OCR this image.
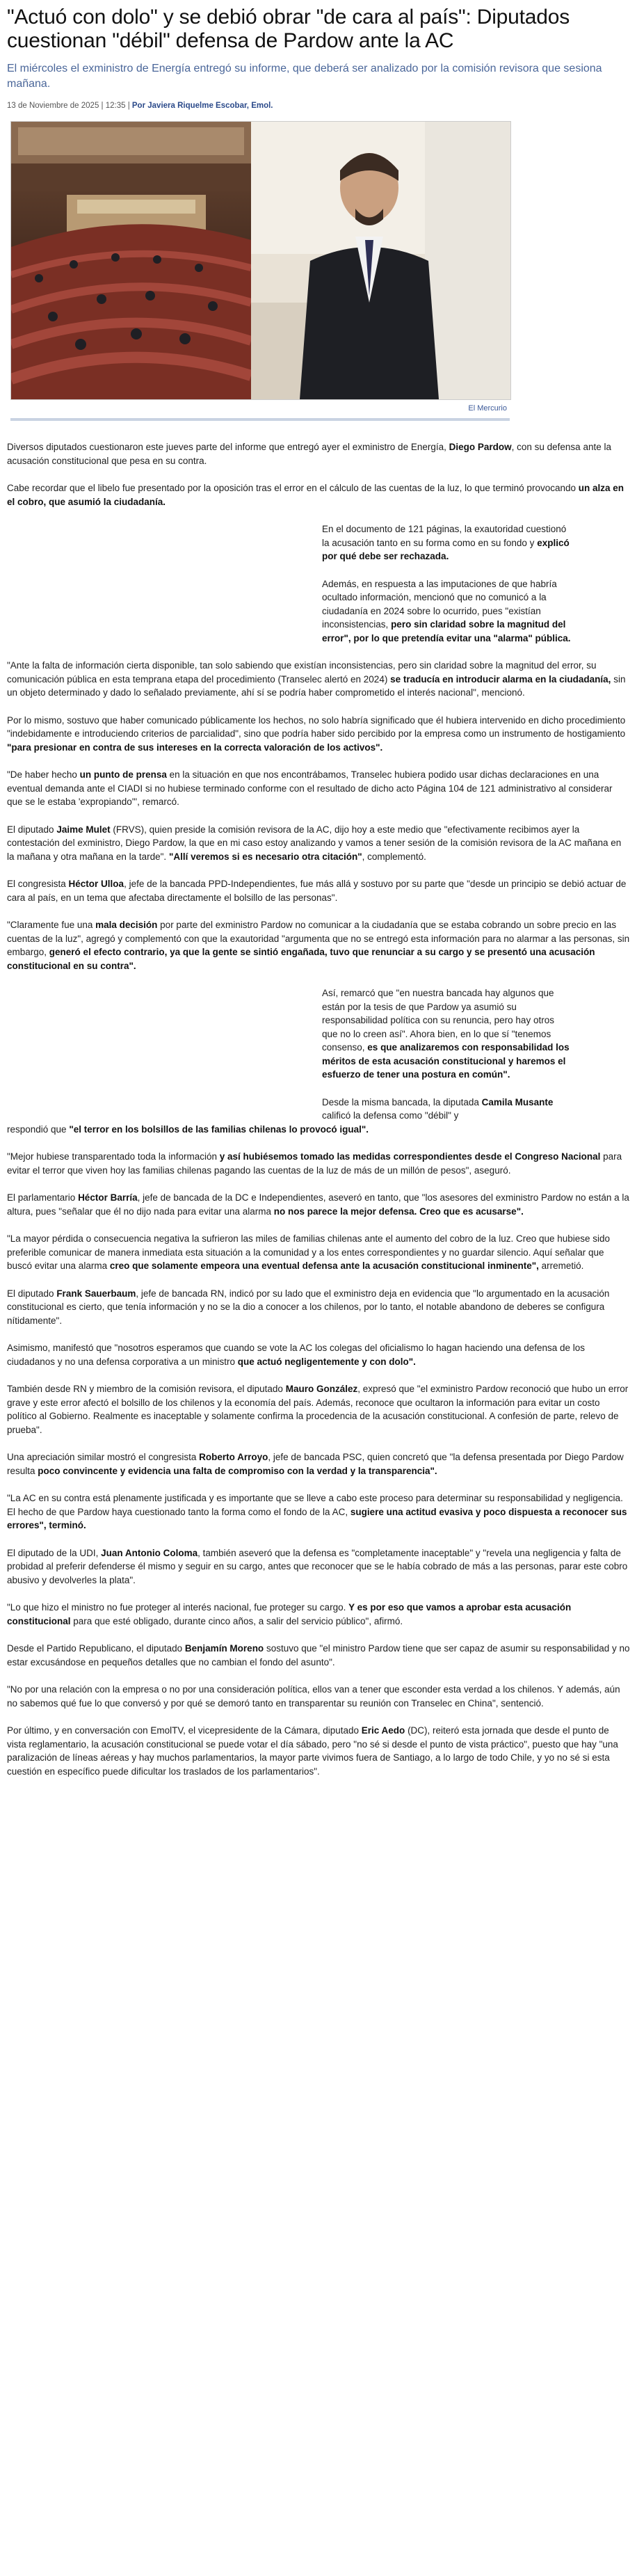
"Actuó con dolo" y se debió obrar "de cara al país": Diputados cuestionan "débil" defensa de Pardow ante la AC

El miércoles el exministro de Energía entregó su informe, que deberá ser analizado por la comisión revisora que sesiona mañana.

13 de Noviembre de 2025 | 12:35 | Por Javiera Riquelme Escobar, Emol.
El Mercurio

Diversos diputados cuestionaron este jueves parte del informe que entregó ayer el exministro de Energía, Diego Pardow, con su defensa ante la acusación constitucional que pesa en su contra.

Cabe recordar que el libelo fue presentado por la oposición tras el error en el cálculo de las cuentas de la luz, lo que terminó provocando un alza en el cobro, que asumió la ciudadanía.

En el documento de 121 páginas, la exautoridad cuestionó la acusación tanto en su forma como en su fondo y explicó por qué debe ser rechazada.

Además, en respuesta a las imputaciones de que habría ocultado información, mencionó que no comunicó a la ciudadanía en 2024 sobre lo ocurrido, pues "existían inconsistencias, pero sin claridad sobre la magnitud del error", por lo que pretendía evitar una "alarma" pública.

"Ante la falta de información cierta disponible, tan solo sabiendo que existían inconsistencias, pero sin claridad sobre la magnitud del error, su comunicación pública en esta temprana etapa del procedimiento (Transelec alertó en 2024) se traducía en introducir alarma en la ciudadanía, sin un objeto determinado y dado lo señalado previamente, ahí sí se podría haber comprometido el interés nacional", mencionó.

Por lo mismo, sostuvo que haber comunicado públicamente los hechos, no solo habría significado que él hubiera intervenido en dicho procedimiento "indebidamente e introduciendo criterios de parcialidad", sino que podría haber sido percibido por la empresa como un instrumento de hostigamiento "para presionar en contra de sus intereses en la correcta valoración de los activos".

"De haber hecho un punto de prensa en la situación en que nos encontrábamos, Transelec hubiera podido usar dichas declaraciones en una eventual demanda ante el CIADI si no hubiese terminado conforme con el resultado de dicho acto Página 104 de 121 administrativo al considerar que se le estaba 'expropiando'", remarcó.

El diputado Jaime Mulet (FRVS), quien preside la comisión revisora de la AC, dijo hoy a este medio que "efectivamente recibimos ayer la contestación del exministro, Diego Pardow, la que en mi caso estoy analizando y vamos a tener sesión de la comisión revisora de la AC mañana en la mañana y otra mañana en la tarde". "Allí veremos si es necesario otra citación", complementó.

El congresista Héctor Ulloa, jefe de la bancada PPD-Independientes, fue más allá y sostuvo por su parte que "desde un principio se debió actuar de cara al país, en un tema que afectaba directamente el bolsillo de las personas".

"Claramente fue una mala decisión por parte del exministro Pardow no comunicar a la ciudadanía que se estaba cobrando un sobre precio en las cuentas de la luz", agregó y complementó con que la exautoridad "argumenta que no se entregó esta información para no alarmar a las personas, sin embargo, generó el efecto contrario, ya que la gente se sintió engañada, tuvo que renunciar a su cargo y se presentó una acusación constitucional en su contra".

Así, remarcó que "en nuestra bancada hay algunos que están por la tesis de que Pardow ya asumió su responsabilidad política con su renuncia, pero hay otros que no lo creen así". Ahora bien, en lo que sí "tenemos consenso, es que analizaremos con responsabilidad los méritos de esta acusación constitucional y haremos el esfuerzo de tener una postura en común".

Desde la misma bancada, la diputada Camila Musante calificó la defensa como "débil" y

respondió que "el terror en los bolsillos de las familias chilenas lo provocó igual".

"Mejor hubiese transparentado toda la información y así hubiésemos tomado las medidas correspondientes desde el Congreso Nacional para evitar el terror que viven hoy las familias chilenas pagando las cuentas de la luz de más de un millón de pesos", aseguró.

El parlamentario Héctor Barría, jefe de bancada de la DC e Independientes, aseveró en tanto, que "los asesores del exministro Pardow no están a la altura, pues "señalar que él no dijo nada para evitar una alarma no nos parece la mejor defensa. Creo que es acusarse".

"La mayor pérdida o consecuencia negativa la sufrieron las miles de familias chilenas ante el aumento del cobro de la luz. Creo que hubiese sido preferible comunicar de manera inmediata esta situación a la comunidad y a los entes correspondientes y no guardar silencio. Aquí señalar que buscó evitar una alarma creo que solamente empeora una eventual defensa ante la acusación constitucional inminente", arremetió.

El diputado Frank Sauerbaum, jefe de bancada RN, indicó por su lado que el exministro deja en evidencia que "lo argumentado en la acusación constitucional es cierto, que tenía información y no se la dio a conocer a los chilenos, por lo tanto, el notable abandono de deberes se configura nítidamente".

Asimismo, manifestó que "nosotros esperamos que cuando se vote la AC los colegas del oficialismo lo hagan haciendo una defensa de los ciudadanos y no una defensa corporativa a un ministro que actuó negligentemente y con dolo".

También desde RN y miembro de la comisión revisora, el diputado Mauro González, expresó que "el exministro Pardow reconoció que hubo un error grave y este error afectó el bolsillo de los chilenos y la economía del país. Además, reconoce que ocultaron la información para evitar un costo político al Gobierno. Realmente es inaceptable y solamente confirma la procedencia de la acusación constitucional. A confesión de parte, relevo de prueba".

Una apreciación similar mostró el congresista Roberto Arroyo, jefe de bancada PSC, quien concretó que "la defensa presentada por Diego Pardow resulta poco convincente y evidencia una falta de compromiso con la verdad y la transparencia".

"La AC en su contra está plenamente justificada y es importante que se lleve a cabo este proceso para determinar su responsabilidad y negligencia. El hecho de que Pardow haya cuestionado tanto la forma como el fondo de la AC, sugiere una actitud evasiva y poco dispuesta a reconocer sus errores", terminó.

El diputado de la UDI, Juan Antonio Coloma, también aseveró que la defensa es "completamente inaceptable" y "revela una negligencia y falta de probidad al preferir defenderse él mismo y seguir en su cargo, antes que reconocer que se le había cobrado de más a las personas, parar este cobro abusivo y devolverles la plata".

"Lo que hizo el ministro no fue proteger al interés nacional, fue proteger su cargo. Y es por eso que vamos a aprobar esta acusación constitucional para que esté obligado, durante cinco años, a salir del servicio público", afirmó.

Desde el Partido Republicano, el diputado Benjamín Moreno sostuvo que "el ministro Pardow tiene que ser capaz de asumir su responsabilidad y no estar excusándose en pequeños detalles que no cambian el fondo del asunto".

"No por una relación con la empresa o no por una consideración política, ellos van a tener que esconder esta verdad a los chilenos. Y además, aún no sabemos qué fue lo que conversó y por qué se demoró tanto en transparentar su reunión con Transelec en China", sentenció.

Por último, y en conversación con EmolTV, el vicepresidente de la Cámara, diputado Eric Aedo (DC), reiteró esta jornada que desde el punto de vista reglamentario, la acusación constitucional se puede votar el día sábado, pero "no sé si desde el punto de vista práctico", puesto que hay "una paralización de líneas aéreas y hay muchos parlamentarios, la mayor parte vivimos fuera de Santiago, a lo largo de todo Chile, y yo no sé si esta cuestión en específico puede dificultar los traslados de los parlamentarios".
